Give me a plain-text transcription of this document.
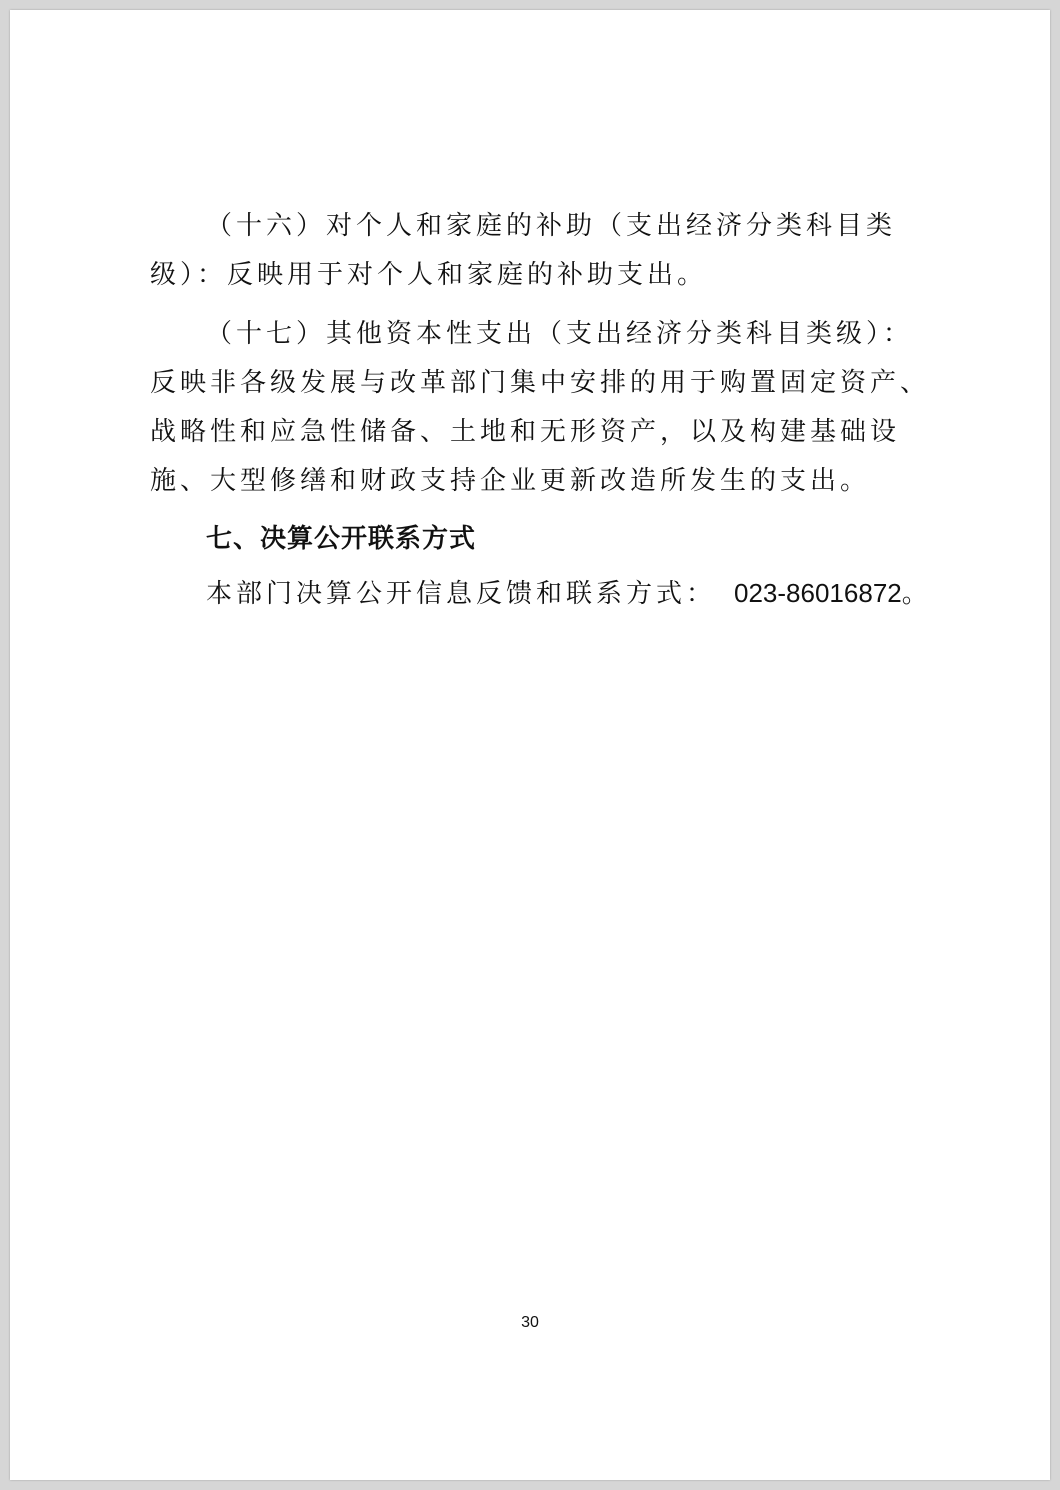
（十六）对个人和家庭的补助（支出经济分类科目类级）：反映用于对个人和家庭的补助支出。

（十七）其他资本性支出（支出经济分类科目类级）：反映非各级发展与改革部门集中安排的用于购置固定资产、战略性和应急性储备、土地和无形资产，以及构建基础设施、大型修缮和财政支持企业更新改造所发生的支出。

七、决算公开联系方式

本部门决算公开信息反馈和联系方式： 023-86016872。

30
